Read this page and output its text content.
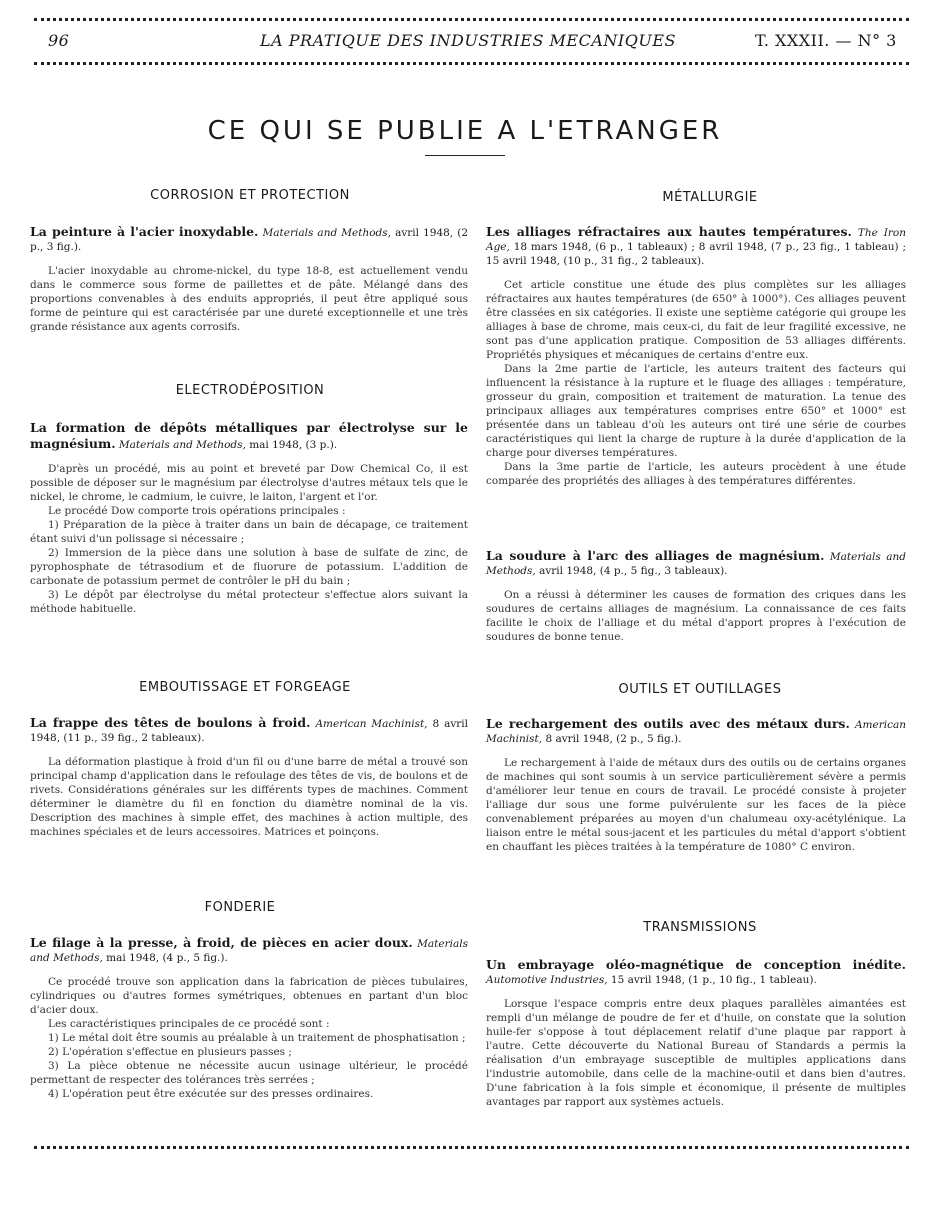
96	LA PRATIQUE DES INDUSTRIES MECANIQUES	T. XXXII. — N° 3
CE QUI SE PUBLIE A L'ETRANGER
CORROSION ET PROTECTION
La peinture à l'acier inoxydable. Materials and Methods, avril 1948, (2 p., 3 fig.).

L'acier inoxydable au chrome-nickel, du type 18-8, est actuellement vendu dans le commerce sous forme de paillettes et de pâte. Mélangé dans des proportions convenables à des enduits appropriés, il peut être appliqué sous forme de peinture qui est caractérisée par une dureté exceptionnelle et une très grande résistance aux agents corrosifs.

ELECTRODÉPOSITION
La formation de dépôts métalliques par électrolyse sur le magnésium. Materials and Methods, mai 1948, (3 p.).

D'après un procédé, mis au point et breveté par Dow Chemical Co, il est possible de déposer sur le magnésium par électrolyse d'autres métaux tels que le nickel, le chrome, le cadmium, le cuivre, le laiton, l'argent et l'or.

Le procédé Dow comporte trois opérations principales :

1) Préparation de la pièce à traiter dans un bain de décapage, ce traitement étant suivi d'un polissage si nécessaire ;

2) Immersion de la pièce dans une solution à base de sulfate de zinc, de pyrophosphate de tétrasodium et de fluorure de potassium. L'addition de carbonate de potassium permet de contrôler le pH du bain ;

3) Le dépôt par électrolyse du métal protecteur s'effectue alors suivant la méthode habituelle.

EMBOUTISSAGE ET FORGEAGE
La frappe des têtes de boulons à froid. American Machinist, 8 avril 1948, (11 p., 39 fig., 2 tableaux).

La déformation plastique à froid d'un fil ou d'une barre de métal a trouvé son principal champ d'application dans le refoulage des têtes de vis, de boulons et de rivets. Considérations générales sur les différents types de machines. Comment déterminer le diamètre du fil en fonction du diamètre nominal de la vis. Description des machines à simple effet, des machines à action multiple, des machines spéciales et de leurs accessoires. Matrices et poinçons.

FONDERIE
Le filage à la presse, à froid, de pièces en acier doux. Materials and Methods, mai 1948, (4 p., 5 fig.).

Ce procédé trouve son application dans la fabrication de pièces tubulaires, cylindriques ou d'autres formes symétriques, obtenues en partant d'un bloc d'acier doux.

Les caractéristiques principales de ce procédé sont :

1) Le métal doit être soumis au préalable à un traitement de phosphatisation ;

2) L'opération s'effectue en plusieurs passes ;

3) La pièce obtenue ne nécessite aucun usinage ultérieur, le procédé permettant de respecter des tolérances très serrées ;

4) L'opération peut être exécutée sur des presses ordinaires.

MÉTALLURGIE
Les alliages réfractaires aux hautes températures. The Iron Age, 18 mars 1948, (6 p., 1 tableaux) ; 8 avril 1948, (7 p., 23 fig., 1 tableau) ; 15 avril 1948, (10 p., 31 fig., 2 tableaux).

Cet article constitue une étude des plus complètes sur les alliages réfractaires aux hautes températures (de 650° à 1000°). Ces alliages peuvent être classées en six catégories. Il existe une septième catégorie qui groupe les alliages à base de chrome, mais ceux-ci, du fait de leur fragilité excessive, ne sont pas d'une application pratique. Composition de 53 alliages différents. Propriétés physiques et mécaniques de certains d'entre eux.

Dans la 2me partie de l'article, les auteurs traitent des facteurs qui influencent la résistance à la rupture et le fluage des alliages : température, grosseur du grain, composition et traitement de maturation. La tenue des principaux alliages aux températures comprises entre 650° et 1000° est présentée dans un tableau d'où les auteurs ont tiré une série de courbes caractéristiques qui lient la charge de rupture à la durée d'application de la charge pour diverses températures.

Dans la 3me partie de l'article, les auteurs procèdent à une étude comparée des propriétés des alliages à des températures différentes.

La soudure à l'arc des alliages de magnésium. Materials and Methods, avril 1948, (4 p., 5 fig., 3 tableaux).

On a réussi à déterminer les causes de formation des criques dans les soudures de certains alliages de magnésium. La connaissance de ces faits facilite le choix de l'alliage et du métal d'apport propres à l'exécution de soudures de bonne tenue.

OUTILS ET OUTILLAGES
Le rechargement des outils avec des métaux durs. American Machinist, 8 avril 1948, (2 p., 5 fig.).

Le rechargement à l'aide de métaux durs des outils ou de certains organes de machines qui sont soumis à un service particulièrement sévère a permis d'améliorer leur tenue en cours de travail. Le procédé consiste à projeter l'alliage dur sous une forme pulvérulente sur les faces de la pièce convenablement préparées au moyen d'un chalumeau oxy-acétylénique. La liaison entre le métal sous-jacent et les particules du métal d'apport s'obtient en chauffant les pièces traitées à la température de 1080° C environ.

TRANSMISSIONS
Un embrayage oléo-magnétique de conception inédite. Automotive Industries, 15 avril 1948, (1 p., 10 fig., 1 tableau).

Lorsque l'espace compris entre deux plaques parallèles aimantées est rempli d'un mélange de poudre de fer et d'huile, on constate que la solution huile-fer s'oppose à tout déplacement relatif d'une plaque par rapport à l'autre. Cette découverte du National Bureau of Standards a permis la réalisation d'un embrayage susceptible de multiples applications dans l'industrie automobile, dans celle de la machine-outil et dans bien d'autres. D'une fabrication à la fois simple et économique, il présente de multiples avantages par rapport aux systèmes actuels.
